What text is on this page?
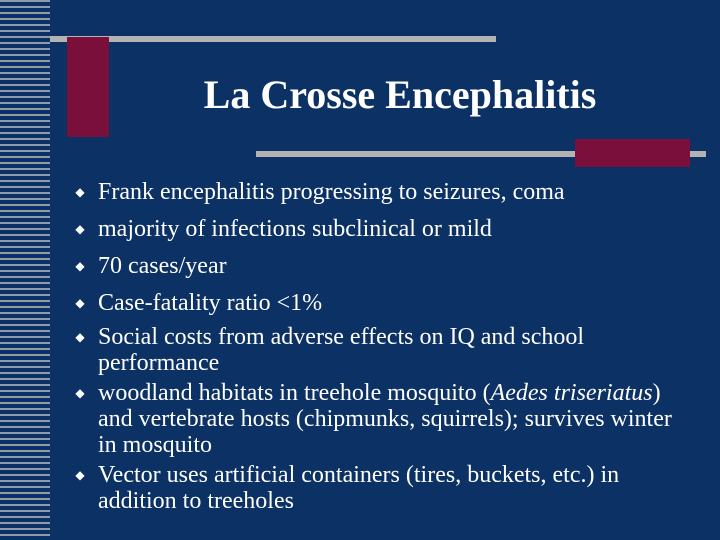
La Crosse Encephalitis
◆ Frank encephalitis progressing to seizures, coma
◆ majority of infections subclinical or mild
◆ 70 cases/year
◆ Case-fatality ratio <1%
◆ Social costs from adverse effects on IQ and school performance
◆ woodland habitats in treehole mosquito (Aedes triseriatus) and vertebrate hosts (chipmunks, squirrels); survives winter in mosquito
◆ Vector uses artificial containers (tires, buckets, etc.) in addition to treeholes
